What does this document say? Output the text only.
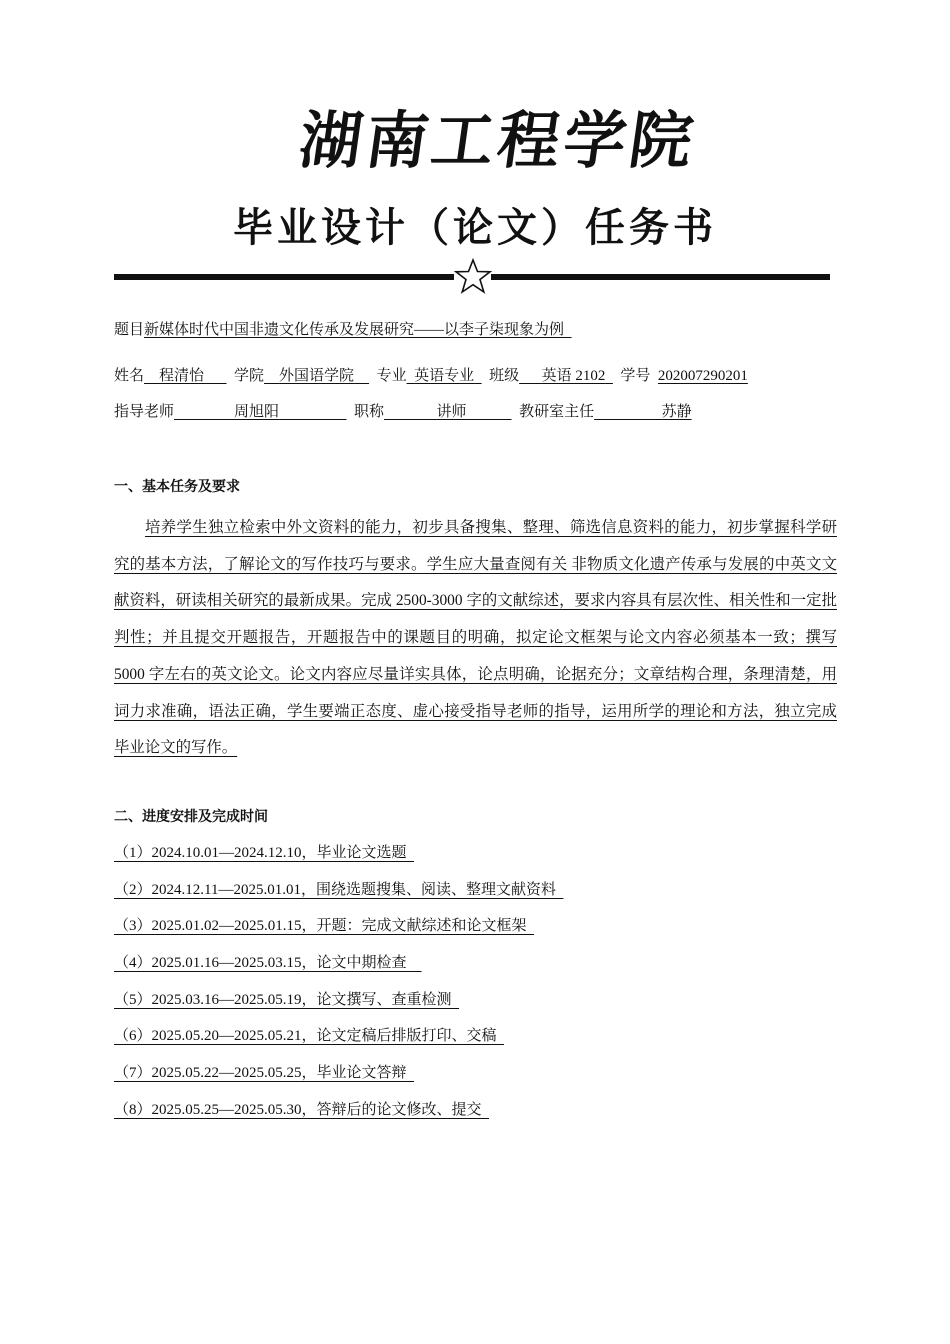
湖南工程学院
毕业设计（论文）任务书
题目新媒体时代中国非遗文化传承及发展研究——以李子柒现象为例 
姓名   程清怡     学院   外国语学院    专业  英语专业   班级    英语 2102   学号  202007290201
指导老师        	周旭阳          	职称       	讲师       	教研室主任         	苏静
一、基本任务及要求
培养学生独立检索中外文资料的能力，初步具备搜集、整理、筛选信息资料的能力，初步掌握科学研究的基本方法，了解论文的写作技巧与要求。学生应大量查阅有关 非物质文化遗产传承与发展的中英文文献资料，研读相关研究的最新成果。完成 2500-3000 字的文献综述，要求内容具有层次性、相关性和一定批判性；并且提交开题报告，开题报告中的课题目的明确，拟定论文框架与论文内容必须基本一致；撰写 5000 字左右的英文论文。论文内容应尽量详实具体，论点明确，论据充分；文章结构合理，条理清楚，用词力求准确，语法正确，学生要端正态度、虚心接受指导老师的指导，运用所学的理论和方法，独立完成毕业论文的写作。
二、进度安排及完成时间
（1）2024.10.01—2024.12.10，毕业论文选题 
（2）2024.12.11—2025.01.01，围绕选题搜集、阅读、整理文献资料 
（3）2025.01.02—2025.01.15，开题：完成文献综述和论文框架 
（4）2025.01.16—2025.03.15，论文中期检查  
（5）2025.03.16—2025.05.19，论文撰写、查重检测 
（6）2025.05.20—2025.05.21，论文定稿后排版打印、交稿 
（7）2025.05.22—2025.05.25，毕业论文答辩 
（8）2025.05.25—2025.05.30，答辩后的论文修改、提交 
